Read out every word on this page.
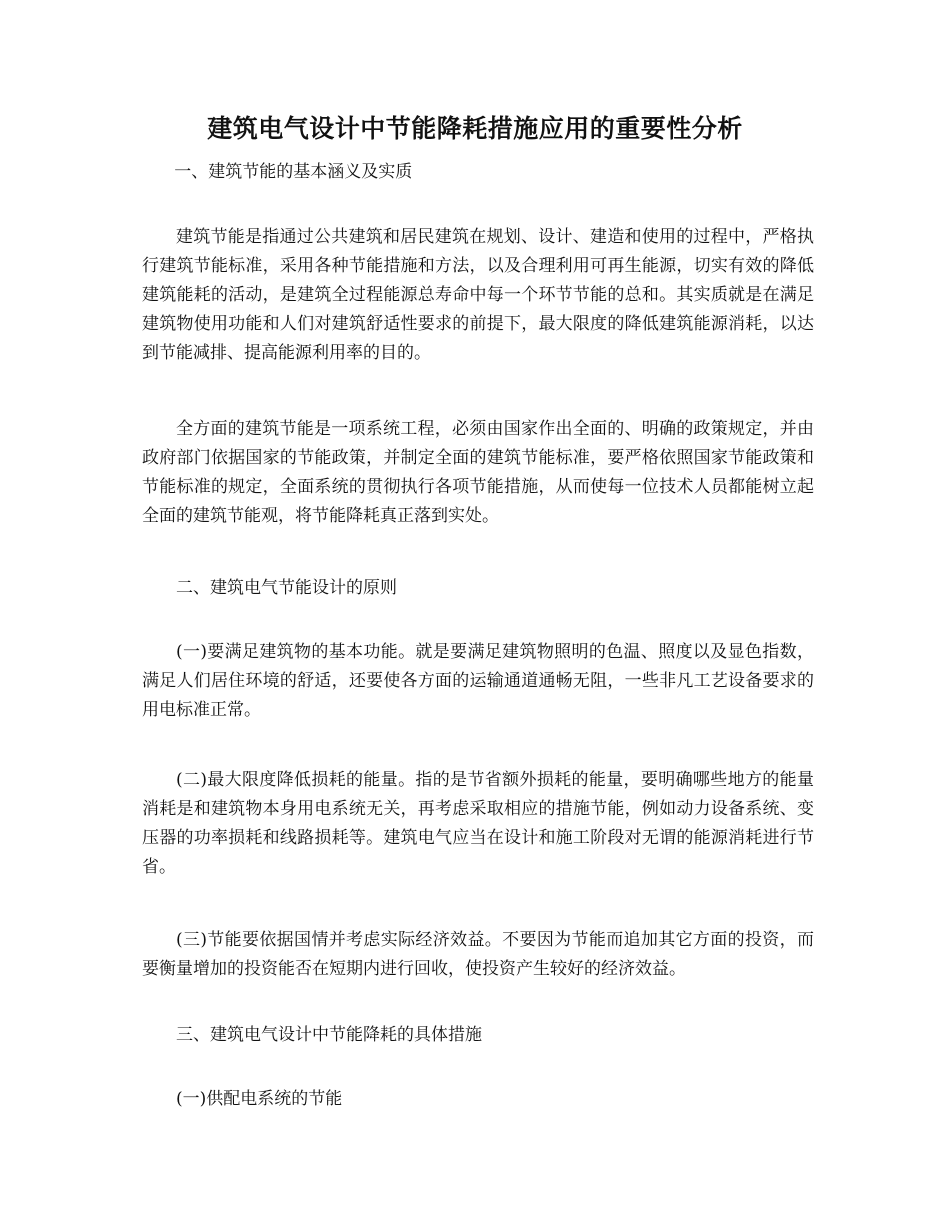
建筑电气设计中节能降耗措施应用的重要性分析

一、建筑节能的基本涵义及实质

建筑节能是指通过公共建筑和居民建筑在规划、设计、建造和使用的过程中，严格执行建筑节能标准，采用各种节能措施和方法，以及合理利用可再生能源，切实有效的降低建筑能耗的活动，是建筑全过程能源总寿命中每一个环节节能的总和。其实质就是在满足建筑物使用功能和人们对建筑舒适性要求的前提下，最大限度的降低建筑能源消耗，以达到节能减排、提高能源利用率的目的。

全方面的建筑节能是一项系统工程，必须由国家作出全面的、明确的政策规定，并由政府部门依据国家的节能政策，并制定全面的建筑节能标准，要严格依照国家节能政策和节能标准的规定，全面系统的贯彻执行各项节能措施，从而使每一位技术人员都能树立起全面的建筑节能观，将节能降耗真正落到实处。

二、建筑电气节能设计的原则

(一)要满足建筑物的基本功能。就是要满足建筑物照明的色温、照度以及显色指数，满足人们居住环境的舒适，还要使各方面的运输通道通畅无阻，一些非凡工艺设备要求的用电标准正常。

(二)最大限度降低损耗的能量。指的是节省额外损耗的能量，要明确哪些地方的能量消耗是和建筑物本身用电系统无关，再考虑采取相应的措施节能，例如动力设备系统、变压器的功率损耗和线路损耗等。建筑电气应当在设计和施工阶段对无谓的能源消耗进行节省。

(三)节能要依据国情并考虑实际经济效益。不要因为节能而追加其它方面的投资，而要衡量增加的投资能否在短期内进行回收，使投资产生较好的经济效益。

三、建筑电气设计中节能降耗的具体措施

(一)供配电系统的节能
